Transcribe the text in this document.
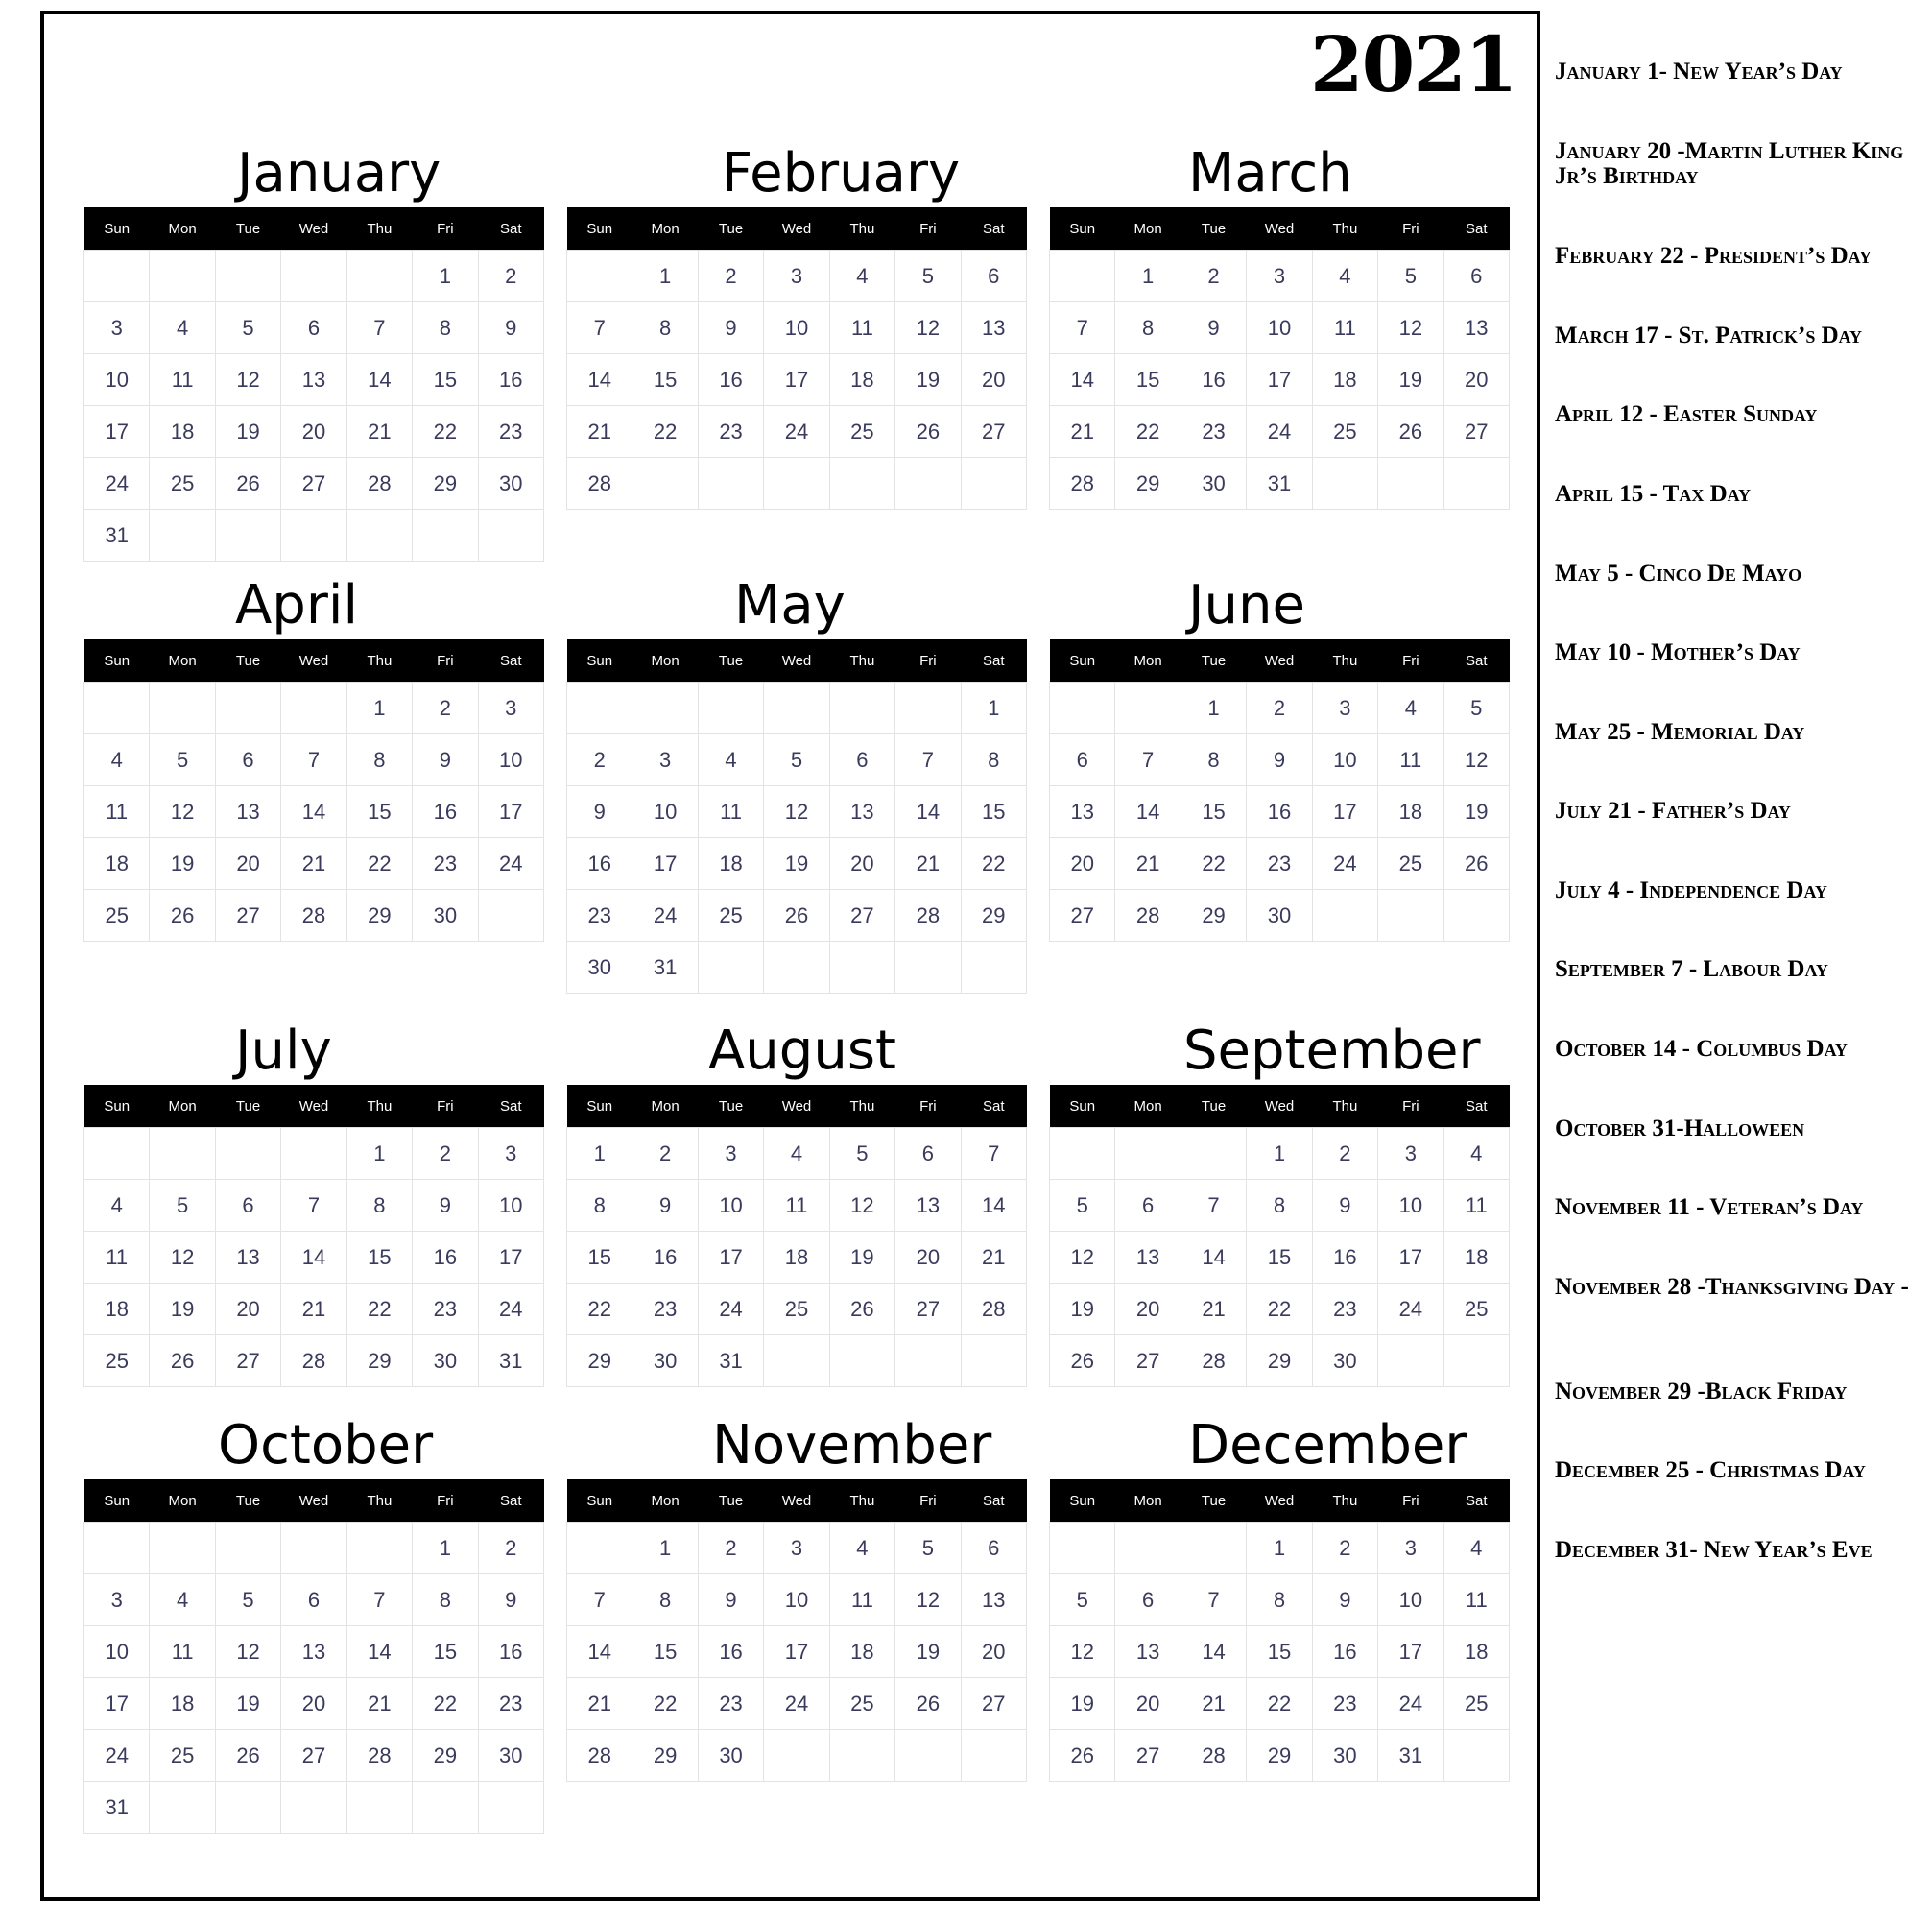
2021
January
Sun	Mon	Tue	Wed	Thu	Fri	Sat
					1	2
3	4	5	6	7	8	9
10	11	12	13	14	15	16
17	18	19	20	21	22	23
24	25	26	27	28	29	30
31						
February
Sun	Mon	Tue	Wed	Thu	Fri	Sat
	1	2	3	4	5	6
7	8	9	10	11	12	13
14	15	16	17	18	19	20
21	22	23	24	25	26	27
28						
March
Sun	Mon	Tue	Wed	Thu	Fri	Sat
	1	2	3	4	5	6
7	8	9	10	11	12	13
14	15	16	17	18	19	20
21	22	23	24	25	26	27
28	29	30	31			
April
Sun	Mon	Tue	Wed	Thu	Fri	Sat
				1	2	3
4	5	6	7	8	9	10
11	12	13	14	15	16	17
18	19	20	21	22	23	24
25	26	27	28	29	30	
May
Sun	Mon	Tue	Wed	Thu	Fri	Sat
						1
2	3	4	5	6	7	8
9	10	11	12	13	14	15
16	17	18	19	20	21	22
23	24	25	26	27	28	29
30	31					
June
Sun	Mon	Tue	Wed	Thu	Fri	Sat
		1	2	3	4	5
6	7	8	9	10	11	12
13	14	15	16	17	18	19
20	21	22	23	24	25	26
27	28	29	30			
July
Sun	Mon	Tue	Wed	Thu	Fri	Sat
				1	2	3
4	5	6	7	8	9	10
11	12	13	14	15	16	17
18	19	20	21	22	23	24
25	26	27	28	29	30	31
August
Sun	Mon	Tue	Wed	Thu	Fri	Sat
1	2	3	4	5	6	7
8	9	10	11	12	13	14
15	16	17	18	19	20	21
22	23	24	25	26	27	28
29	30	31				
September
Sun	Mon	Tue	Wed	Thu	Fri	Sat
			1	2	3	4
5	6	7	8	9	10	11
12	13	14	15	16	17	18
19	20	21	22	23	24	25
26	27	28	29	30		
October
Sun	Mon	Tue	Wed	Thu	Fri	Sat
					1	2
3	4	5	6	7	8	9
10	11	12	13	14	15	16
17	18	19	20	21	22	23
24	25	26	27	28	29	30
31						
November
Sun	Mon	Tue	Wed	Thu	Fri	Sat
	1	2	3	4	5	6
7	8	9	10	11	12	13
14	15	16	17	18	19	20
21	22	23	24	25	26	27
28	29	30				
December
Sun	Mon	Tue	Wed	Thu	Fri	Sat
			1	2	3	4
5	6	7	8	9	10	11
12	13	14	15	16	17	18
19	20	21	22	23	24	25
26	27	28	29	30	31	
January 1- New Year’s Day
January 20 -Martin Luther King Jr’s Birthday
February 22 - President’s Day
March 17 - St. Patrick’s Day
April 12 - Easter Sunday
April 15 - Tax Day
May 5 - Cinco De Mayo
May 10 - Mother’s Day
May 25 - Memorial Day
July 21 - Father’s Day
July 4 - Independence Day
September 7 - Labour Day
October 14 - Columbus Day
October 31-Halloween
November 11 - Veteran’s Day
November 28 -Thanksgiving Day -
November 29 -Black Friday
December 25 - Christmas Day
December 31- New Year’s Eve
